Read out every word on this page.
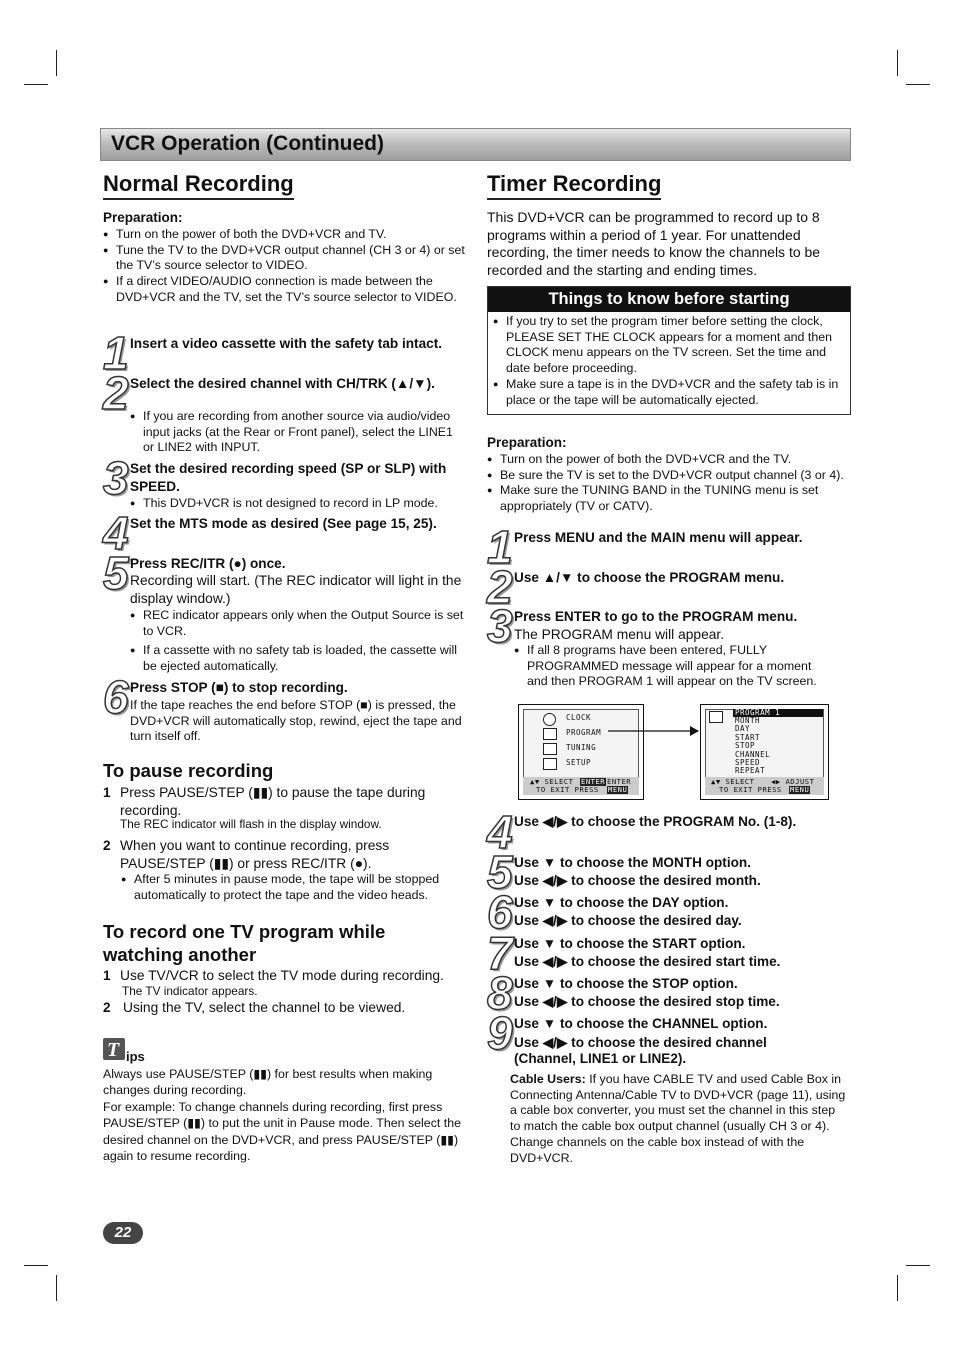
VCR Operation (Continued)
Normal Recording
Preparation:
● Turn on the power of both the DVD+VCR and TV.
● Tune the TV to the DVD+VCR output channel (CH 3 or 4) or set the TV’s source selector to VIDEO.
● If a direct VIDEO/AUDIO connection is made between the DVD+VCR and the TV, set the TV’s source selector to VIDEO.
1 Insert a video cassette with the safety tab intact.
2 Select the desired channel with CH/TRK (▲/▼).
● If you are recording from another source via audio/video input jacks (at the Rear or Front panel), select the LINE1 or LINE2 with INPUT.
3 Set the desired recording speed (SP or SLP) with SPEED.
● This DVD+VCR is not designed to record in LP mode.
4 Set the MTS mode as desired (See page 15, 25).
5 Press REC/ITR (●) once.
Recording will start. (The REC indicator will light in the display window.)
● REC indicator appears only when the Output Source is set to VCR.
● If a cassette with no safety tab is loaded, the cassette will be ejected automatically.
6 Press STOP (■) to stop recording.
If the tape reaches the end before STOP (■) is pressed, the DVD+VCR will automatically stop, rewind, eject the tape and turn itself off.
To pause recording
1 Press PAUSE/STEP (▮▮) to pause the tape during recording.
The REC indicator will flash in the display window.
2 When you want to continue recording, press PAUSE/STEP (▮▮) or press REC/ITR (●).
● After 5 minutes in pause mode, the tape will be stopped automatically to protect the tape and the video heads.
To record one TV program while watching another
1 Use TV/VCR to select the TV mode during recording.
The TV indicator appears.
2 Using the TV, select the channel to be viewed.
T ips
Always use PAUSE/STEP (▮▮) for best results when making changes during recording.
For example: To change channels during recording, first press PAUSE/STEP (▮▮) to put the unit in Pause mode. Then select the desired channel on the DVD+VCR, and press PAUSE/STEP (▮▮) again to resume recording.
Timer Recording
This DVD+VCR can be programmed to record up to 8 programs within a period of 1 year. For unattended recording, the timer needs to know the channels to be recorded and the starting and ending times.
Things to know before starting
● If you try to set the program timer before setting the clock, PLEASE SET THE CLOCK appears for a moment and then CLOCK menu appears on the TV screen. Set the time and date before proceeding.
● Make sure a tape is in the DVD+VCR and the safety tab is in place or the tape will be automatically ejected.
Preparation:
● Turn on the power of both the DVD+VCR and the TV.
● Be sure the TV is set to the DVD+VCR output channel (3 or 4).
● Make sure the TUNING BAND in the TUNING menu is set appropriately (TV or CATV).
1 Press MENU and the MAIN menu will appear.
2 Use ▲/▼ to choose the PROGRAM menu.
3 Press ENTER to go to the PROGRAM menu.
The PROGRAM menu will appear.
● If all 8 programs have been entered, FULLY PROGRAMMED message will appear for a moment and then PROGRAM 1 will appear on the TV screen.
CLOCK
PROGRAM
TUNING
SETUP
▲▼ SELECT ENTER ENTER
TO EXIT PRESS MENU
PROGRAM 1
MONTH
DAY
START
STOP
CHANNEL
SPEED
REPEAT
▲▼ SELECT ◀▶ ADJUST
TO EXIT PRESS MENU
4 Use ◀/▶ to choose the PROGRAM No. (1-8).
5 Use ▼ to choose the MONTH option.
Use ◀/▶ to choose the desired month.
6 Use ▼ to choose the DAY option.
Use ◀/▶ to choose the desired day.
7 Use ▼ to choose the START option.
Use ◀/▶ to choose the desired start time.
8 Use ▼ to choose the STOP option.
Use ◀/▶ to choose the desired stop time.
9 Use ▼ to choose the CHANNEL option.
Use ◀/▶ to choose the desired channel
(Channel, LINE1 or LINE2).
Cable Users: If you have CABLE TV and used Cable Box in Connecting Antenna/Cable TV to DVD+VCR (page 11), using a cable box converter, you must set the channel in this step to match the cable box output channel (usually CH 3 or 4). Change channels on the cable box instead of with the DVD+VCR.
22
